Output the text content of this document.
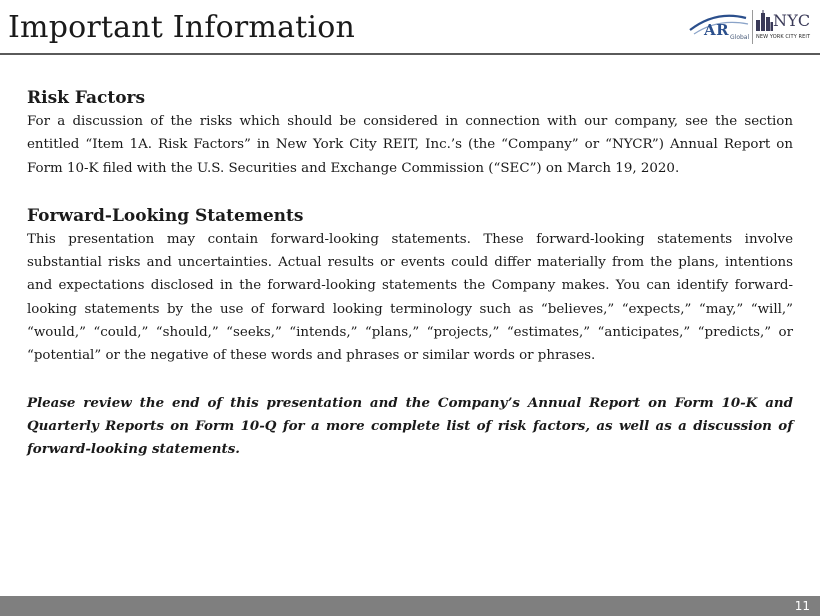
Important Information	AR Global
NYC
NEW YORK CITY REIT
Risk Factors

For a discussion of the risks which should be considered in connection with our company, see the section entitled “Item 1A. Risk Factors” in New York City REIT, Inc.’s (the “Company” or “NYCR”) Annual Report on Form 10-K filed with the U.S. Securities and Exchange Commission (“SEC”) on March 19, 2020.

Forward-Looking Statements

This presentation may contain forward-looking statements. These forward-looking statements involve substantial risks and uncertainties. Actual results or events could differ materially from the plans, intentions and expectations disclosed in the forward-looking statements the Company makes. You can identify forward-looking statements by the use of forward looking terminology such as “believes,” “expects,” “may,” “will,” “would,” “could,” “should,” “seeks,” “intends,” “plans,” “projects,” “estimates,” “anticipates,” “predicts,” or “potential” or the negative of these words and phrases or similar words or phrases.

Please review the end of this presentation and the Company’s Annual Report on Form 10-K and Quarterly Reports on Form 10-Q for a more complete list of risk factors, as well as a discussion of forward-looking statements.

11
